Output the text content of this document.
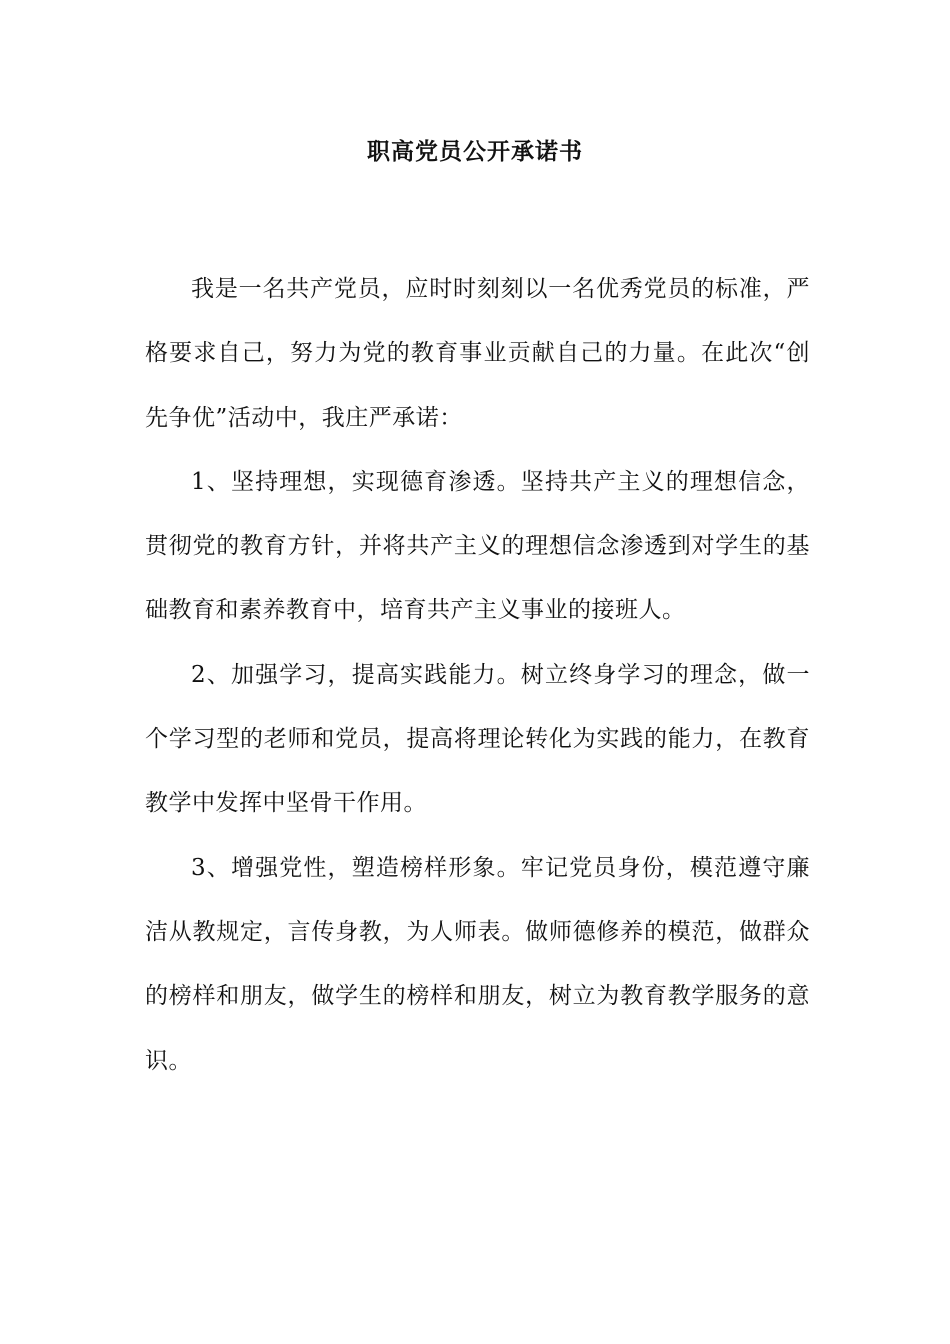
职高党员公开承诺书

我是一名共产党员，应时时刻刻以一名优秀党员的标准，严格要求自己，努力为党的教育事业贡献自己的力量。在此次“创先争优”活动中，我庄严承诺：

1、坚持理想，实现德育渗透。坚持共产主义的理想信念，贯彻党的教育方针，并将共产主义的理想信念渗透到对学生的基础教育和素养教育中，培育共产主义事业的接班人。

2、加强学习，提高实践能力。树立终身学习的理念，做一个学习型的老师和党员，提高将理论转化为实践的能力，在教育教学中发挥中坚骨干作用。

3、增强党性，塑造榜样形象。牢记党员身份，模范遵守廉洁从教规定，言传身教，为人师表。做师德修养的模范，做群众的榜样和朋友，做学生的榜样和朋友，树立为教育教学服务的意识。
